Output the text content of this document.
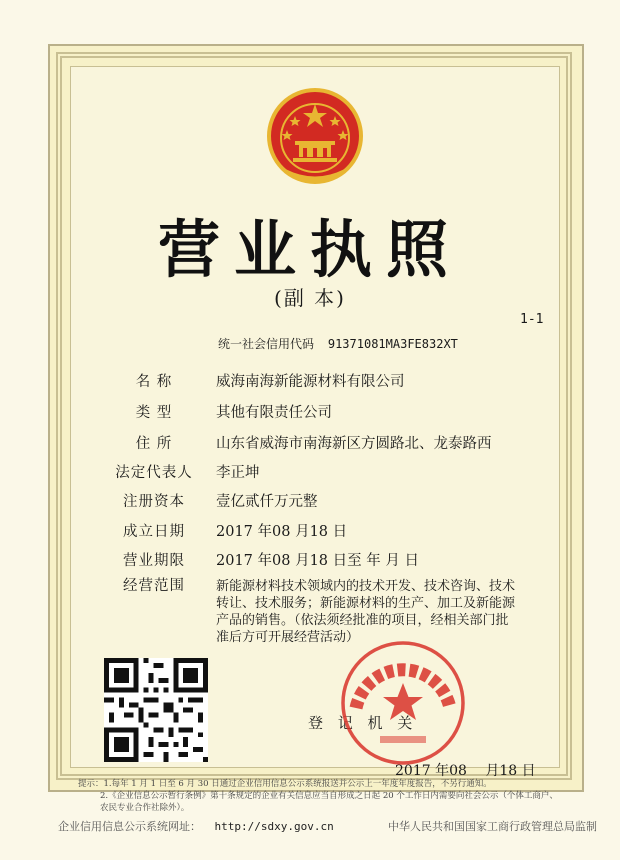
营业执照
(副 本)
1-1
统一社会信用代码 91371081MA3FE832XT
名 称	威海南海新能源材料有限公司
类 型	其他有限责任公司
住 所	山东省威海市南海新区方圆路北、龙泰路西
法定代表人	李正坤
注册资本	壹亿贰仟万元整
成立日期	2017 年08 月18 日
营业期限	2017 年08 月18 日至 年 月 日
经营范围	新能源材料技术领域内的技术开发、技术咨询、技术转让、技术服务；新能源材料的生产、加工及新能源产品的销售。（依法须经批准的项目，经相关部门批准后方可开展经营活动）
登 记 机 关
2017 年08 月18 日
提示：1.每年 1 月 1 日至 6 月 30 日通过企业信用信息公示系统报送并公示上一年度年度报告，不另行通知。
2.《企业信息公示暂行条例》第十条规定的企业有关信息应当自形成之日起 20 个工作日内需要向社会公示（个体工商户、农民专业合作社除外）。
企业信用信息公示系统网址： http://sdxy.gov.cn	中华人民共和国国家工商行政管理总局监制
